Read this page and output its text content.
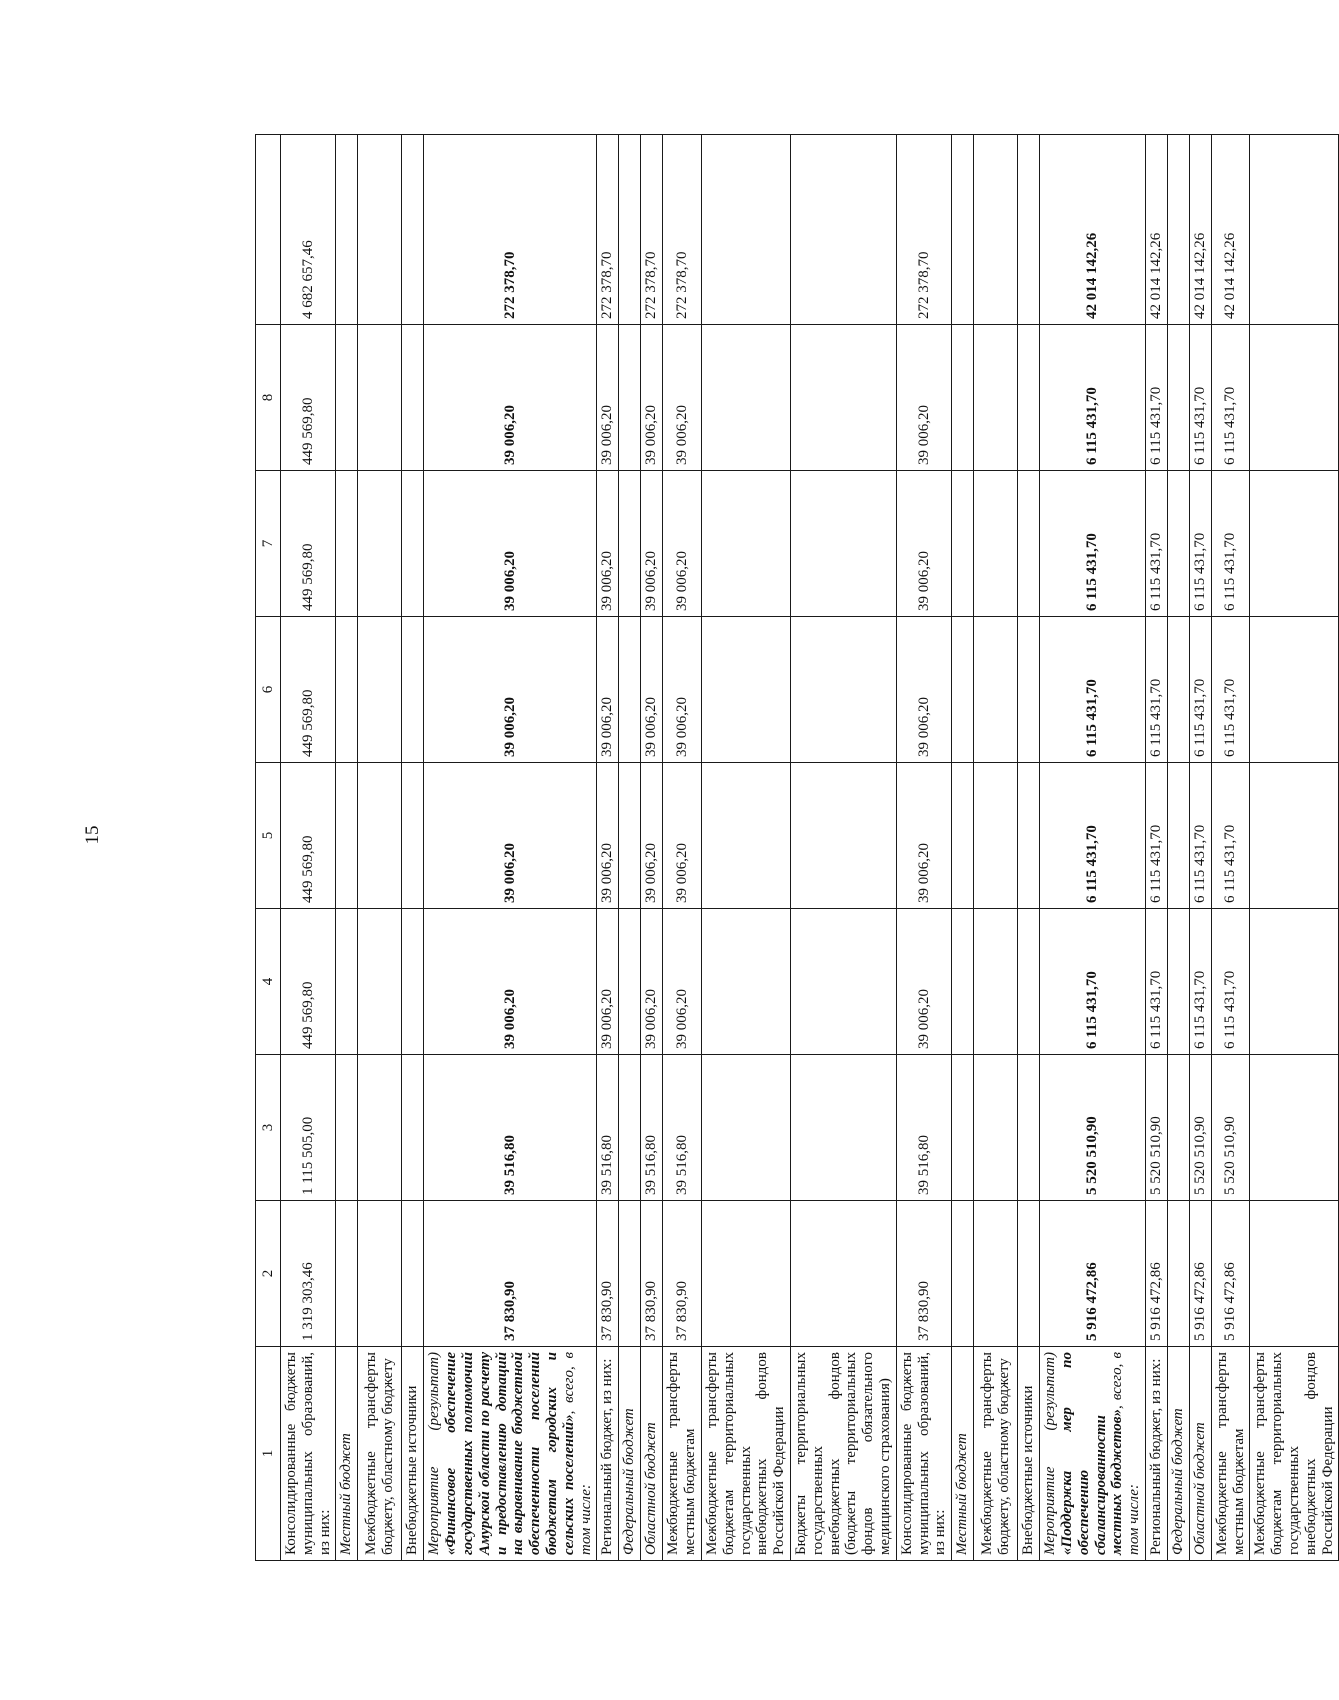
15
1	2	3	4	5	6	7	8	
Консолидированные бюджеты муниципальных образований, из них:	1 319 303,46	1 115 505,00	449 569,80	449 569,80	449 569,80	449 569,80	449 569,80	4 682 657,46
Местный бюджет								
Межбюджетные трансферты бюджету, областному бюджету								
Внебюджетные источники								
Мероприятие (результат) «Финансовое обеспечение государственных полномочий Амурской области по расчету и предоставлению дотаций на выравнивание бюджетной обеспеченности поселений бюджетам городских и сельских поселений», всего, в том числе:	37 830,90	39 516,80	39 006,20	39 006,20	39 006,20	39 006,20	39 006,20	272 378,70
Региональный бюджет, из них:	37 830,90	39 516,80	39 006,20	39 006,20	39 006,20	39 006,20	39 006,20	272 378,70
Федеральный бюджет								
Областной бюджет	37 830,90	39 516,80	39 006,20	39 006,20	39 006,20	39 006,20	39 006,20	272 378,70
Межбюджетные трансферты местным бюджетам	37 830,90	39 516,80	39 006,20	39 006,20	39 006,20	39 006,20	39 006,20	272 378,70
Межбюджетные трансферты бюджетам территориальных государственных внебюджетных фондов Российской Федерации								
Бюджеты территориальных государственных внебюджетных фондов (бюджеты территориальных фондов обязательного медицинского страхования)								
Консолидированные бюджеты муниципальных образований, из них:	37 830,90	39 516,80	39 006,20	39 006,20	39 006,20	39 006,20	39 006,20	272 378,70
Местный бюджет								
Межбюджетные трансферты бюджету, областному бюджету								
Внебюджетные источники								
Мероприятие (результат) «Поддержка мер по обеспечению сбалансированности местных бюджетов», всего, в том числе:	5 916 472,86	5 520 510,90	6 115 431,70	6 115 431,70	6 115 431,70	6 115 431,70	6 115 431,70	42 014 142,26
Региональный бюджет, из них:	5 916 472,86	5 520 510,90	6 115 431,70	6 115 431,70	6 115 431,70	6 115 431,70	6 115 431,70	42 014 142,26
Федеральный бюджет								
Областной бюджет	5 916 472,86	5 520 510,90	6 115 431,70	6 115 431,70	6 115 431,70	6 115 431,70	6 115 431,70	42 014 142,26
Межбюджетные трансферты местным бюджетам	5 916 472,86	5 520 510,90	6 115 431,70	6 115 431,70	6 115 431,70	6 115 431,70	6 115 431,70	42 014 142,26
Межбюджетные трансферты бюджетам территориальных государственных внебюджетных фондов Российской Федерации								
